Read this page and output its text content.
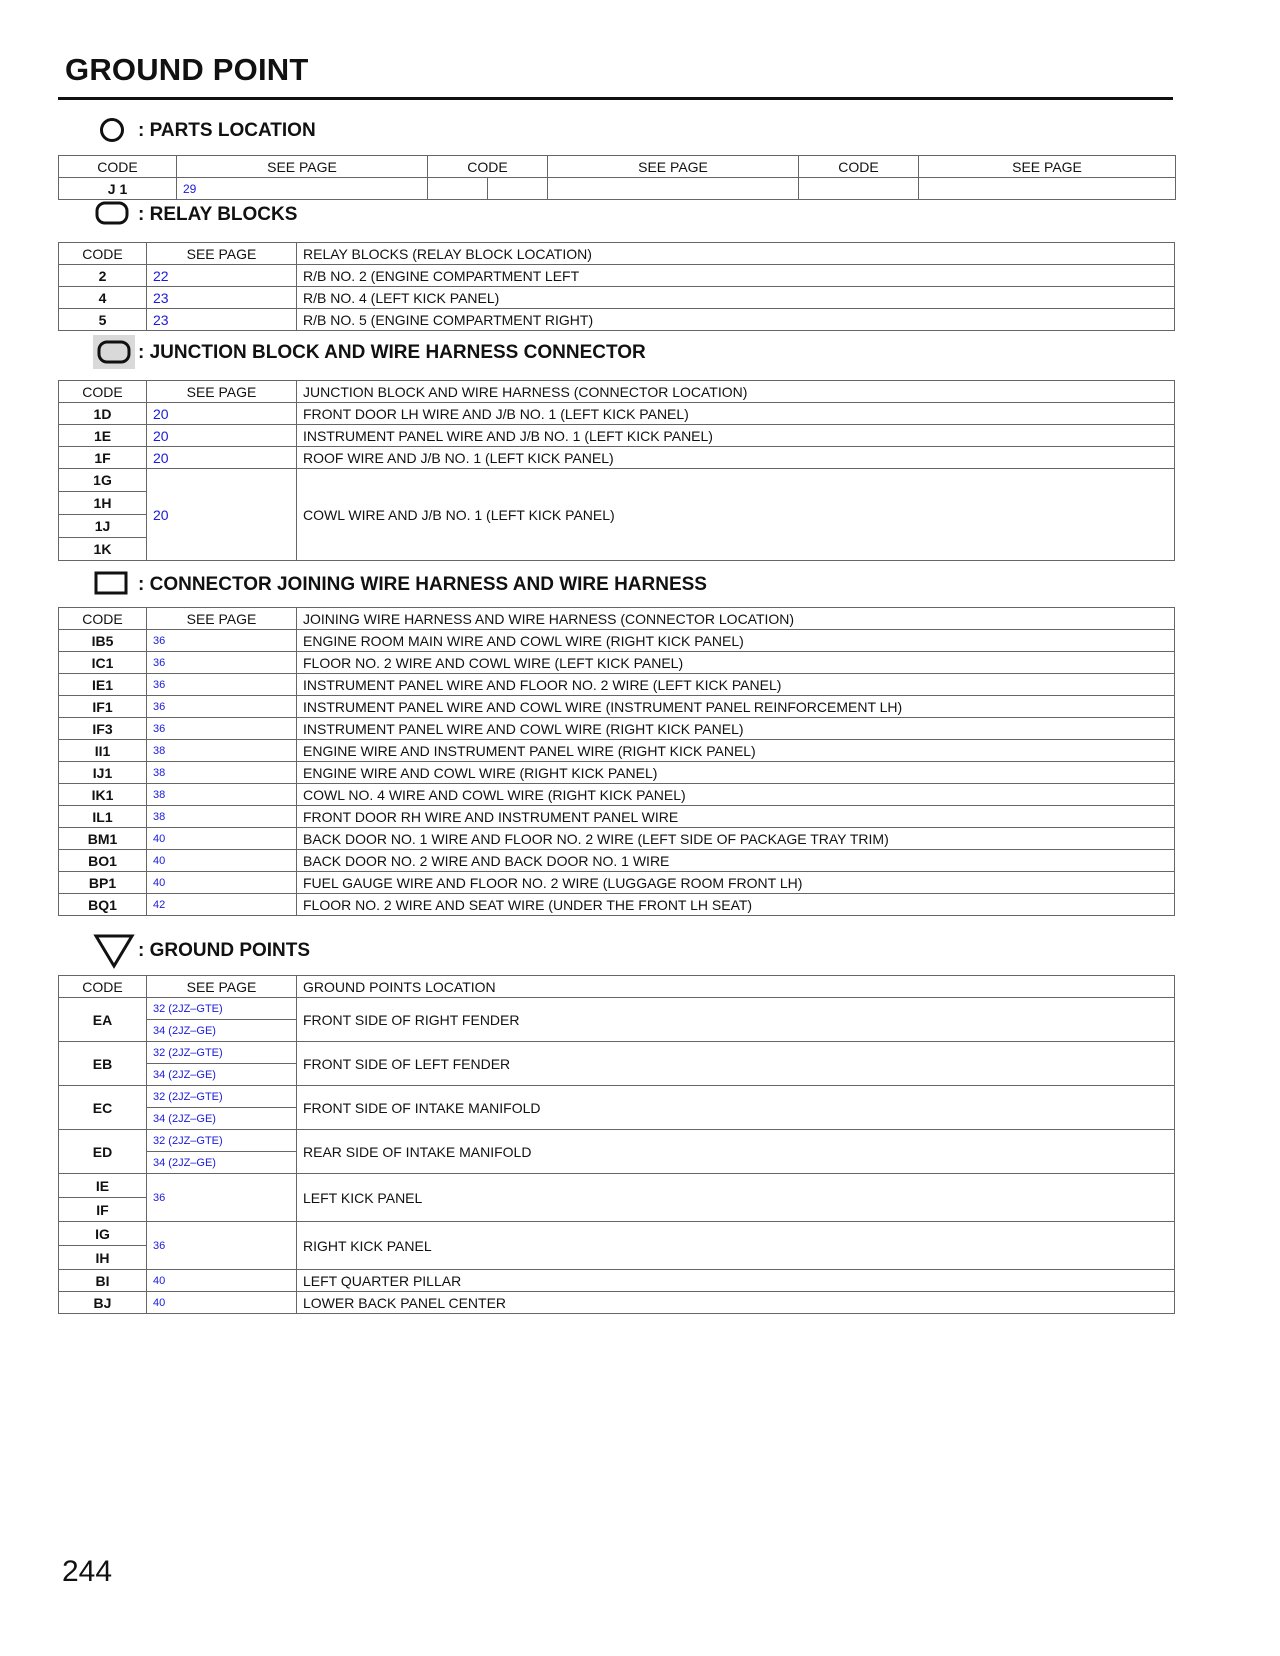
GROUND POINT
: PARTS LOCATION
CODE	SEE PAGE	CODE		SEE PAGE	CODE	SEE PAGE
J 1	29					
: RELAY BLOCKS
CODE	SEE PAGE	RELAY BLOCKS (RELAY BLOCK LOCATION)
2	22	R/B NO. 2 (ENGINE COMPARTMENT LEFT
4	23	R/B NO. 4 (LEFT KICK PANEL)
5	23	R/B NO. 5 (ENGINE COMPARTMENT RIGHT)
: JUNCTION BLOCK AND WIRE HARNESS CONNECTOR
CODE	SEE PAGE	JUNCTION BLOCK AND WIRE HARNESS (CONNECTOR LOCATION)
1D	20	FRONT DOOR LH WIRE AND J/B NO. 1 (LEFT KICK PANEL)
1E	20	INSTRUMENT PANEL WIRE AND J/B NO. 1 (LEFT KICK PANEL)
1F	20	ROOF WIRE AND J/B NO. 1 (LEFT KICK PANEL)
1G	20	COWL WIRE AND J/B NO. 1 (LEFT KICK PANEL)
1H		
1J		
1K		
: CONNECTOR JOINING WIRE HARNESS AND WIRE HARNESS
CODE	SEE PAGE	JOINING WIRE HARNESS AND WIRE HARNESS (CONNECTOR LOCATION)
IB5	36	ENGINE ROOM MAIN WIRE AND COWL WIRE (RIGHT KICK PANEL)
IC1	36	FLOOR NO. 2 WIRE AND COWL WIRE (LEFT KICK PANEL)
IE1	36	INSTRUMENT PANEL WIRE AND FLOOR NO. 2 WIRE (LEFT KICK PANEL)
IF1	36	INSTRUMENT PANEL WIRE AND COWL WIRE (INSTRUMENT PANEL REINFORCEMENT LH)
IF3	36	INSTRUMENT PANEL WIRE AND COWL WIRE (RIGHT KICK PANEL)
II1	38	ENGINE WIRE AND INSTRUMENT PANEL WIRE (RIGHT KICK PANEL)
IJ1	38	ENGINE WIRE AND COWL WIRE (RIGHT KICK PANEL)
IK1	38	COWL NO. 4 WIRE AND COWL WIRE (RIGHT KICK PANEL)
IL1	38	FRONT DOOR RH WIRE AND INSTRUMENT PANEL WIRE
BM1	40	BACK DOOR NO. 1 WIRE AND FLOOR NO. 2 WIRE (LEFT SIDE OF PACKAGE TRAY TRIM)
BO1	40	BACK DOOR NO. 2 WIRE AND BACK DOOR NO. 1 WIRE
BP1	40	FUEL GAUGE WIRE AND FLOOR NO. 2 WIRE (LUGGAGE ROOM FRONT LH)
BQ1	42	FLOOR NO. 2 WIRE AND SEAT WIRE (UNDER THE FRONT LH SEAT)
: GROUND POINTS
CODE	SEE PAGE	GROUND POINTS LOCATION
EA	32 (2JZ–GTE)	FRONT SIDE OF RIGHT FENDER
	34 (2JZ–GE)	
EB	32 (2JZ–GTE)	FRONT SIDE OF LEFT FENDER
	34 (2JZ–GE)	
EC	32 (2JZ–GTE)	FRONT SIDE OF INTAKE MANIFOLD
	34 (2JZ–GE)	
ED	32 (2JZ–GTE)	REAR SIDE OF INTAKE MANIFOLD
	34 (2JZ–GE)	
IE	36	LEFT KICK PANEL
IF		
IG	36	RIGHT KICK PANEL
IH		
BI	40	LEFT QUARTER PILLAR
BJ	40	LOWER BACK PANEL CENTER
244
